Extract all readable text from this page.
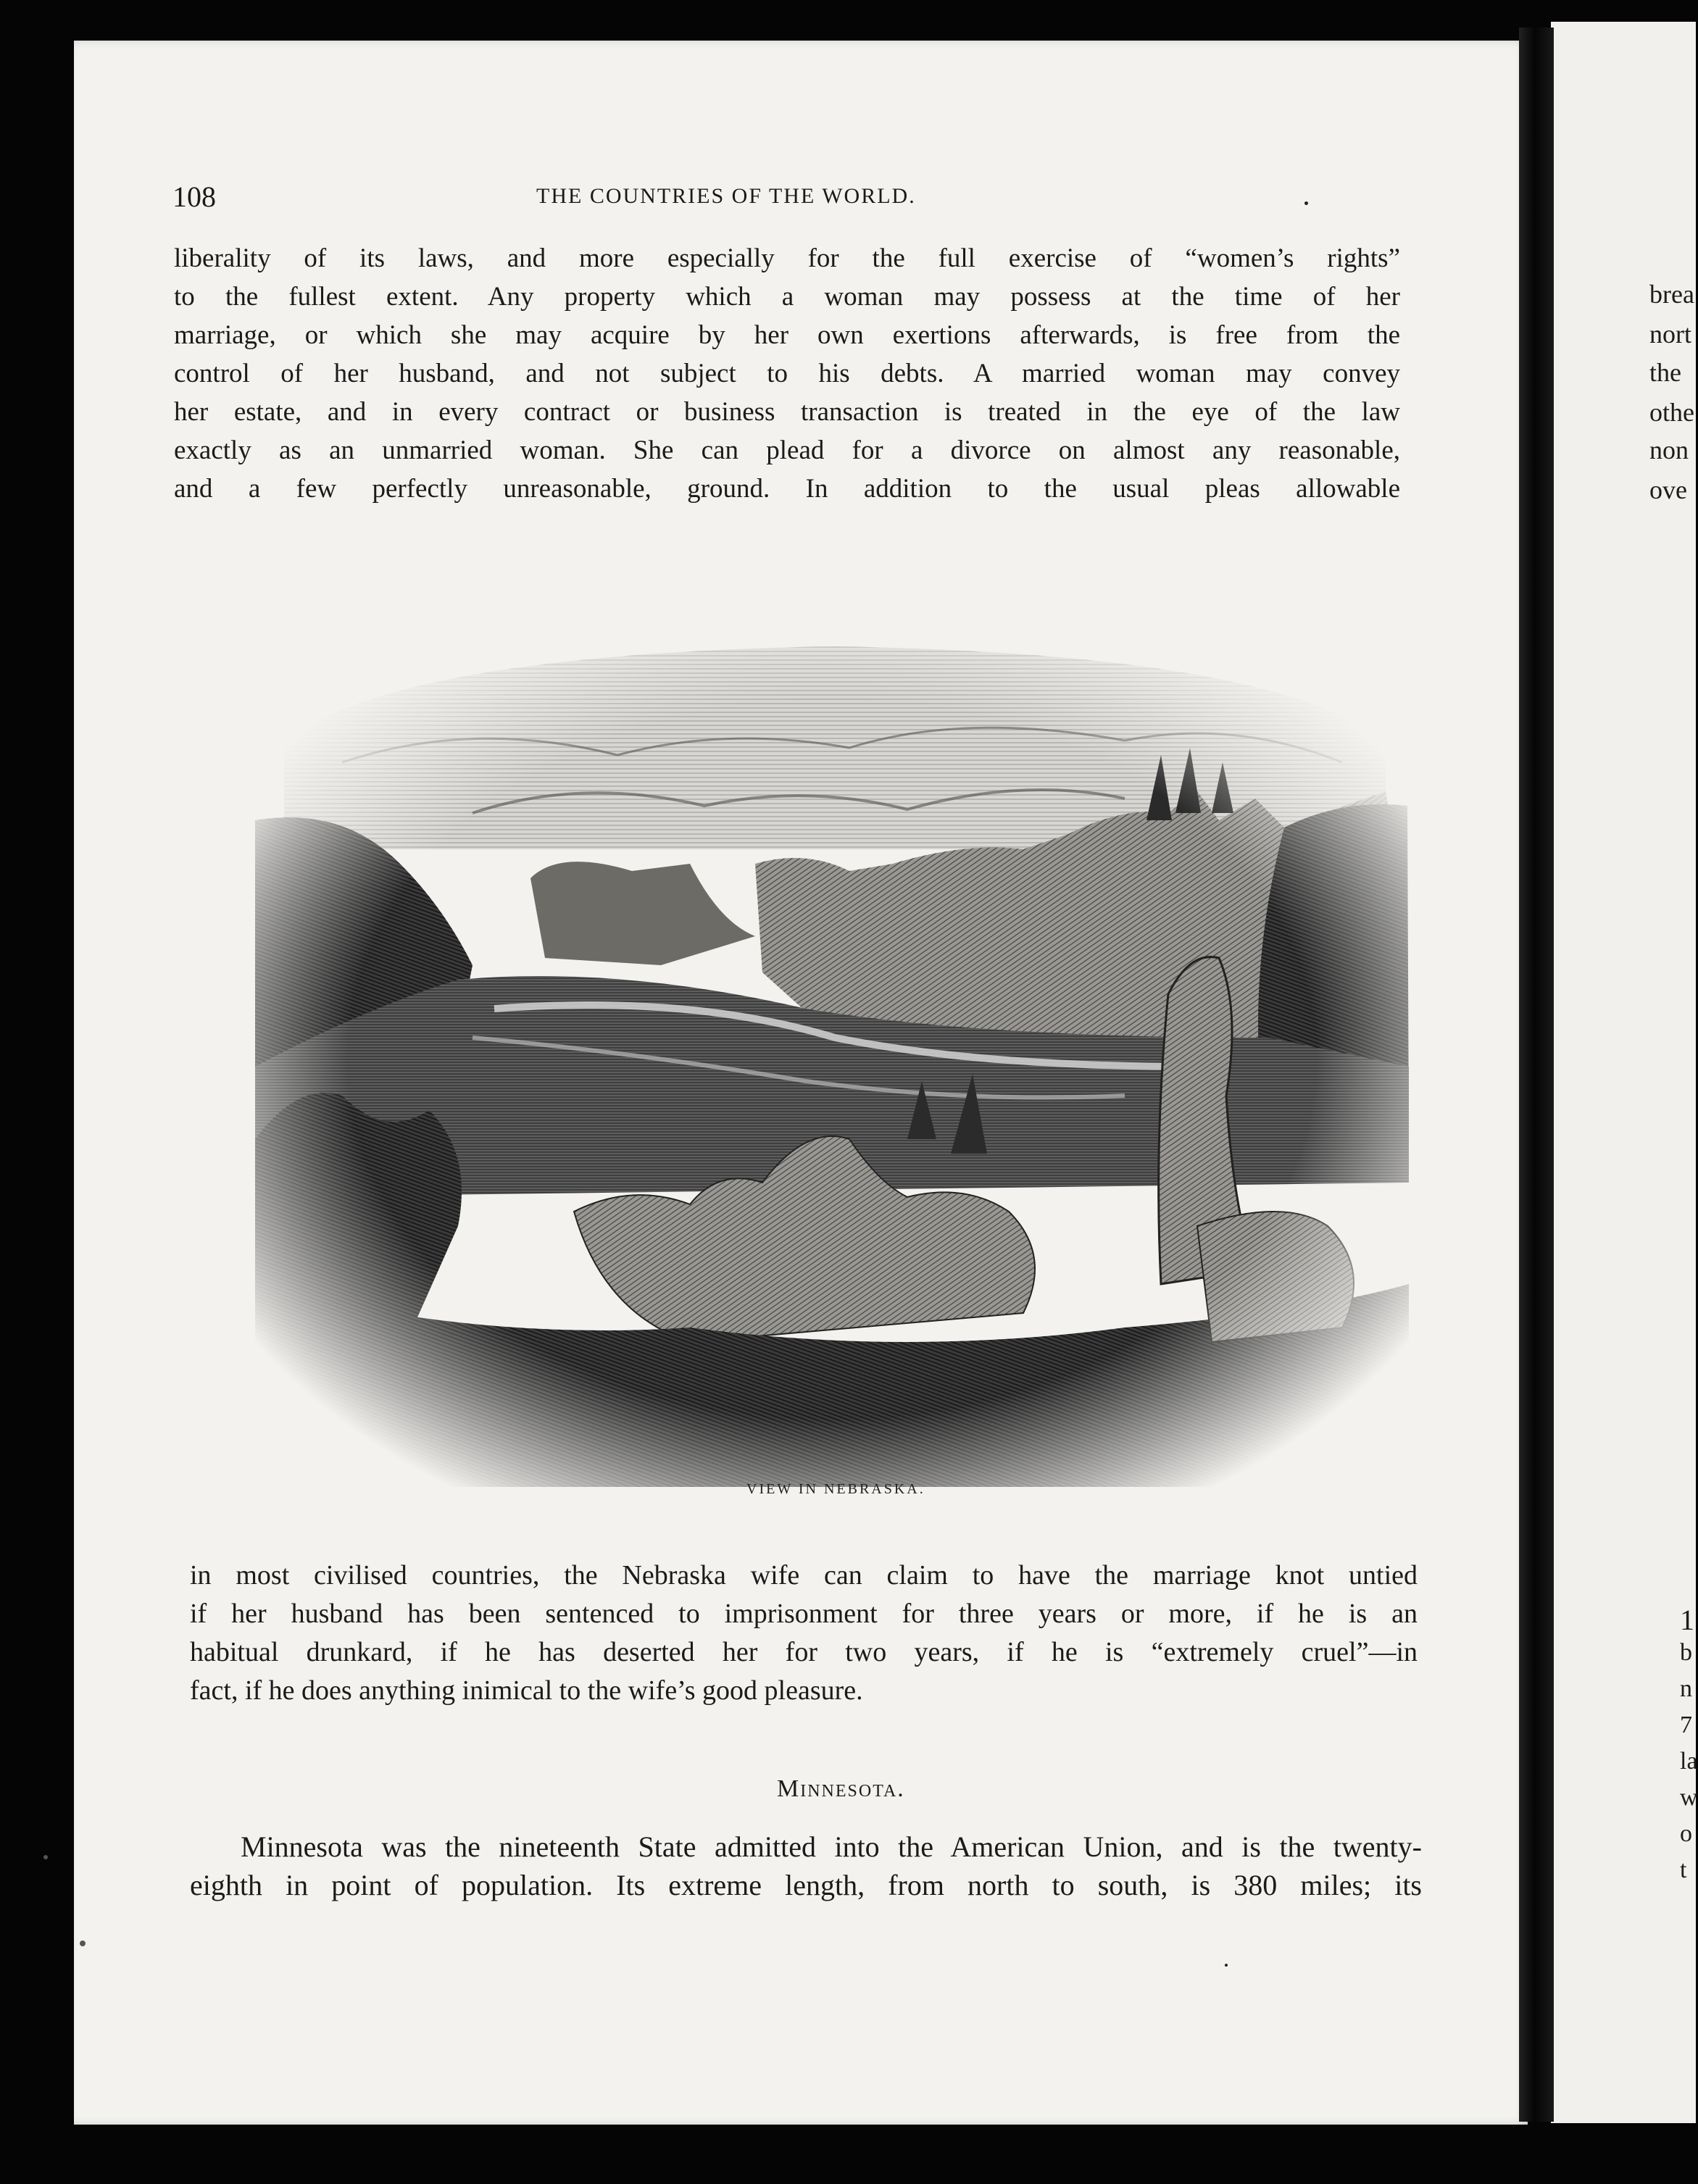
brea
nort
the
othe
non
ove
1
b
n
7
la
w
o
t
108	THE COUNTRIES OF THE WORLD.
liberality of its laws, and more especially for the full exercise of “women’s rights”
to the fullest extent. Any property which a woman may possess at the time of her
marriage, or which she may acquire by her own exertions afterwards, is free from the
control of her husband, and not subject to his debts. A married woman may convey
her estate, and in every contract or business transaction is treated in the eye of the law
exactly as an unmarried woman. She can plead for a divorce on almost any reasonable,
and a few perfectly unreasonable, ground. In addition to the usual pleas allowable
VIEW IN NEBRASKA.
in most civilised countries, the Nebraska wife can claim to have the marriage knot untied
if her husband has been sentenced to imprisonment for three years or more, if he is an
habitual drunkard, if he has deserted her for two years, if he is “extremely cruel”—in
fact, if he does anything inimical to the wife’s good pleasure.
Minnesota.
Minnesota was the nineteenth State admitted into the American Union, and is the twenty-
eighth in point of population. Its extreme length, from north to south, is 380 miles; its
